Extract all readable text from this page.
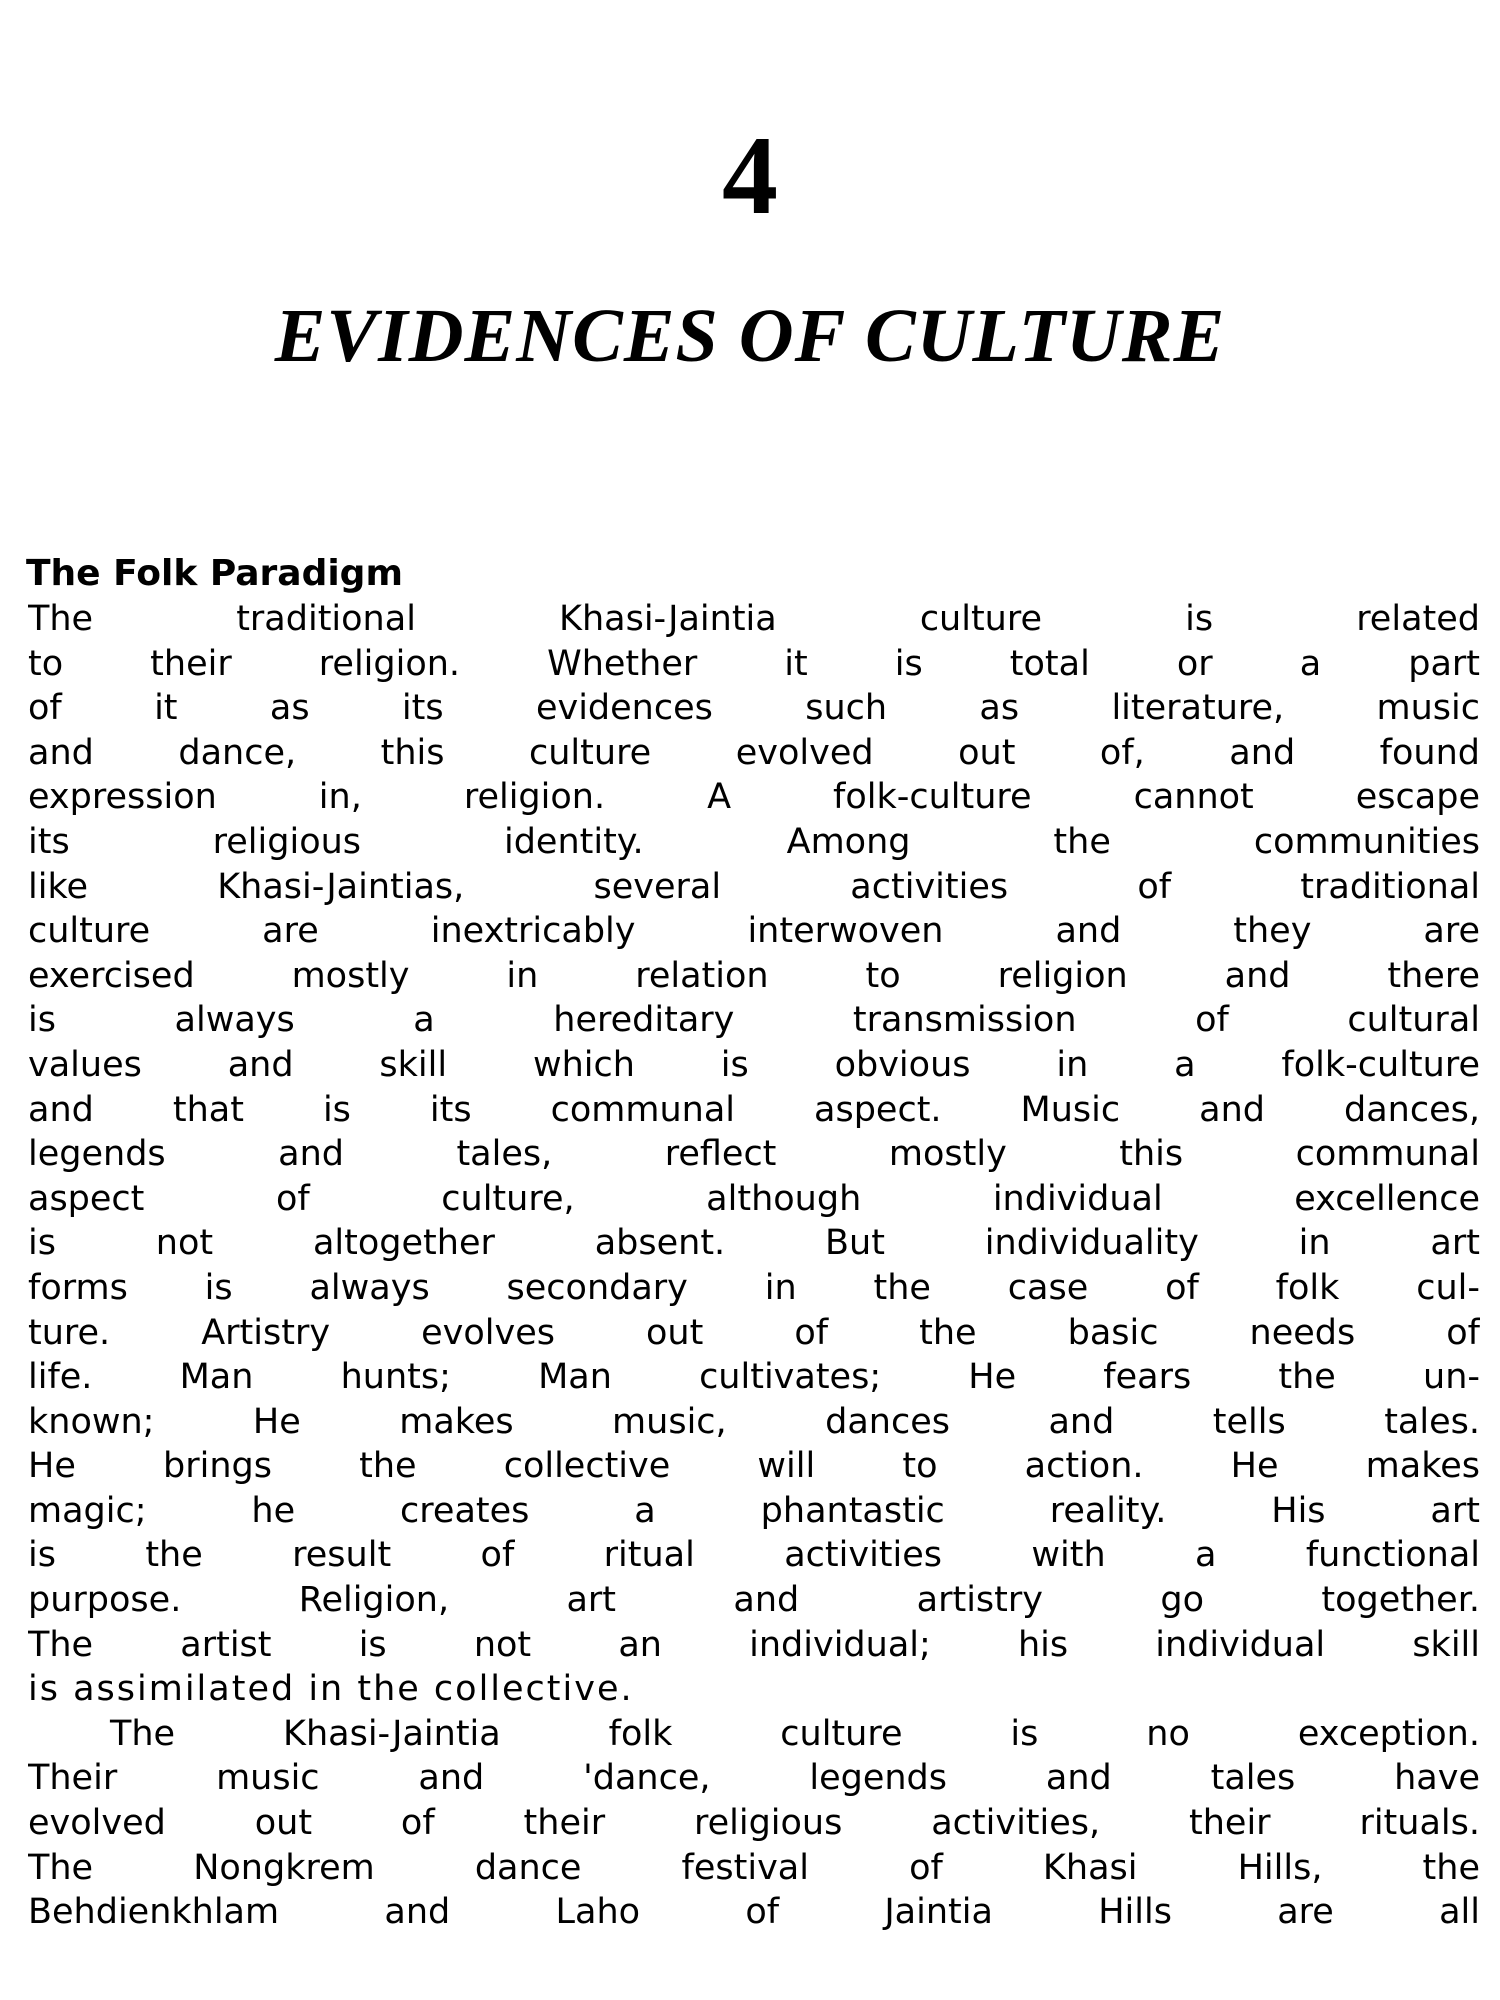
4
EVIDENCES OF CULTURE
The Folk Paradigm
The traditional Khasi-Jaintia culture is related
to their religion. Whether it is total or a part
of it as its evidences such as literature, music
and dance, this culture evolved out of, and found
expression in, religion. A folk-culture cannot escape
its religious identity. Among the communities
like Khasi-Jaintias, several activities of traditional
culture are inextricably interwoven and they are
exercised mostly in relation to religion and there
is always a hereditary transmission of cultural
values and skill which is obvious in a folk-culture
and that is its communal aspect. Music and dances,
legends and tales, reflect mostly this communal
aspect of culture, although individual excellence
is not altogether absent. But individuality in art
forms is always secondary in the case of folk cul-
ture. Artistry evolves out of the basic needs of
life. Man hunts; Man cultivates; He fears the un-
known; He makes music, dances and tells tales.
He brings the collective will to action. He makes
magic; he creates a phantastic reality. His art
is the result of ritual activities with a functional
purpose. Religion, art and artistry go together.
The artist is not an individual; his individual skill
is assimilated in the collective.
The Khasi-Jaintia folk culture is no exception.
Their music and 'dance, legends and tales have
evolved out of their religious activities, their rituals.
The Nongkrem dance festival of Khasi Hills, the
Behdienkhlam and Laho of Jaintia Hills are all
